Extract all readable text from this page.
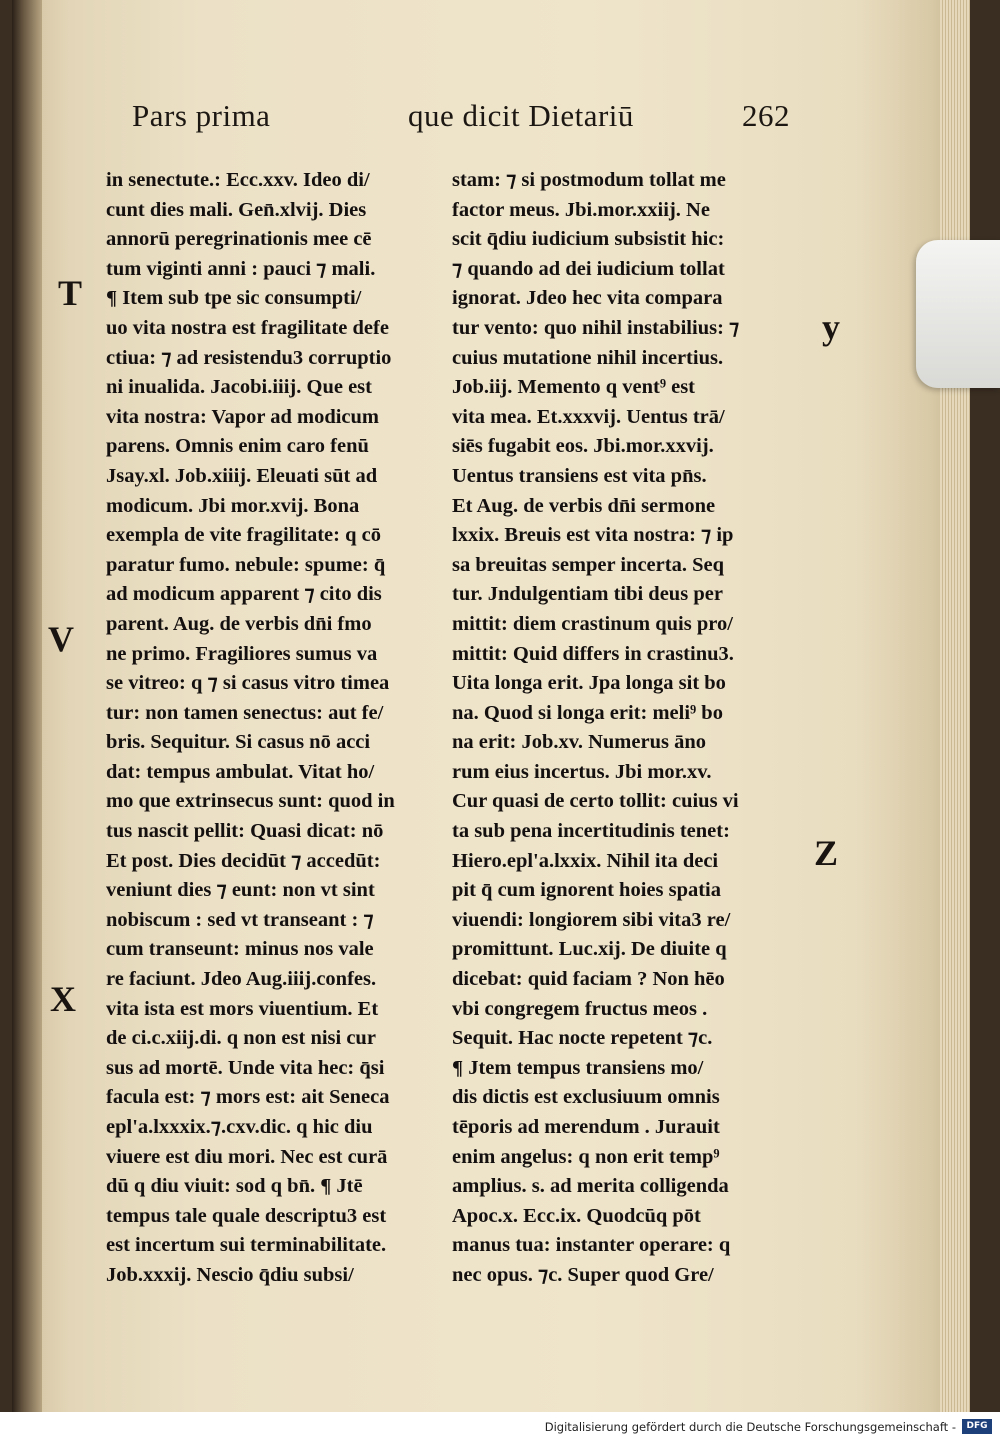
Pars prima	que dicit Dietariū	262
T
y
V
Z
X
in senectute.: Ecc.xxv. Ideo di/
cunt dies mali. Gen̄.xlvij. Dies
annorū peregrinationis mee cē
tum viginti anni : pauci ⁊ mali.
¶ Item sub tpe sic consumpti/
uo vita nostra est fragilitate defe
ctiua: ⁊ ad resistendu3 corruptio
ni inualida. Jacobi.iiij. Que est
vita nostra: Vapor ad modicum
parens. Omnis enim caro fenū
Jsay.xl. Job.xiiij. Eleuati sūt ad
modicum. Jbi mor.xvij. Bona
exempla de vite fragilitate: q cō
paratur fumo. nebule: spume: q̄
ad modicum apparent ⁊ cito dis
parent. Aug. de verbis dn̄i fmo
ne primo. Fragiliores sumus va
se vitreo: q ⁊ si casus vitro timea
tur: non tamen senectus: aut fe/
bris. Sequitur. Si casus nō acci
dat: tempus ambulat. Vitat ho/
mo que extrinsecus sunt: quod in
tus nascit pellit: Quasi dicat: nō
Et post. Dies decidūt ⁊ accedūt:
veniunt dies ⁊ eunt: non vt sint
nobiscum : sed vt transeant : ⁊
cum transeunt: minus nos vale
re faciunt. Jdeo Aug.iiij.confes.
vita ista est mors viuentium. Et
de ci.c.xiij.di. q non est nisi cur
sus ad mortē. Unde vita hec: q̄si
facula est: ⁊ mors est: ait Seneca
epl'a.lxxxix.⁊.cxv.dic. q hic diu
viuere est diu mori. Nec est curā
dū q diu viuit: sod q bn̄. ¶ Jtē
tempus tale quale descriptu3 est
est incertum sui terminabilitate.
Job.xxxij. Nescio q̄diu subsi/
stam: ⁊ si postmodum tollat me
factor meus. Jbi.mor.xxiij. Ne
scit q̄diu iudicium subsistit hic:
⁊ quando ad dei iudicium tollat
ignorat. Jdeo hec vita compara
tur vento: quo nihil instabilius: ⁊
cuius mutatione nihil incertius.
Job.iij. Memento q vent⁹ est
vita mea. Et.xxxvij. Uentus trā/
siēs fugabit eos. Jbi.mor.xxvij.
Uentus transiens est vita pn̄s.
Et Aug. de verbis dn̄i sermone
lxxix. Breuis est vita nostra: ⁊ ip
sa breuitas semper incerta. Seq
tur. Jndulgentiam tibi deus per
mittit: diem crastinum quis pro/
mittit: Quid differs in crastinu3.
Uita longa erit. Jpa longa sit bo
na. Quod si longa erit: meli⁹ bo
na erit: Job.xv. Numerus āno
rum eius incertus. Jbi mor.xv.
Cur quasi de certo tollit: cuius vi
ta sub pena incertitudinis tenet:
Hiero.epl'a.lxxix. Nihil ita deci
pit q̄ cum ignorent hoies spatia
viuendi: longiorem sibi vita3 re/
promittunt. Luc.xij. De diuite q
dicebat: quid faciam ? Non hēo
vbi congregem fructus meos .
Sequit. Hac nocte repetent ⁊c.
¶ Jtem tempus transiens mo/
dis dictis est exclusiuum omnis
tēporis ad merendum . Jurauit
enim angelus: q non erit temp⁹
amplius. s. ad merita colligenda
Apoc.x. Ecc.ix. Quodcūq pōt
manus tua: instanter operare: q
nec opus. ⁊c. Super quod Gre/
Digitalisierung gefördert durch die Deutsche Forschungsgemeinschaft -	DFG
